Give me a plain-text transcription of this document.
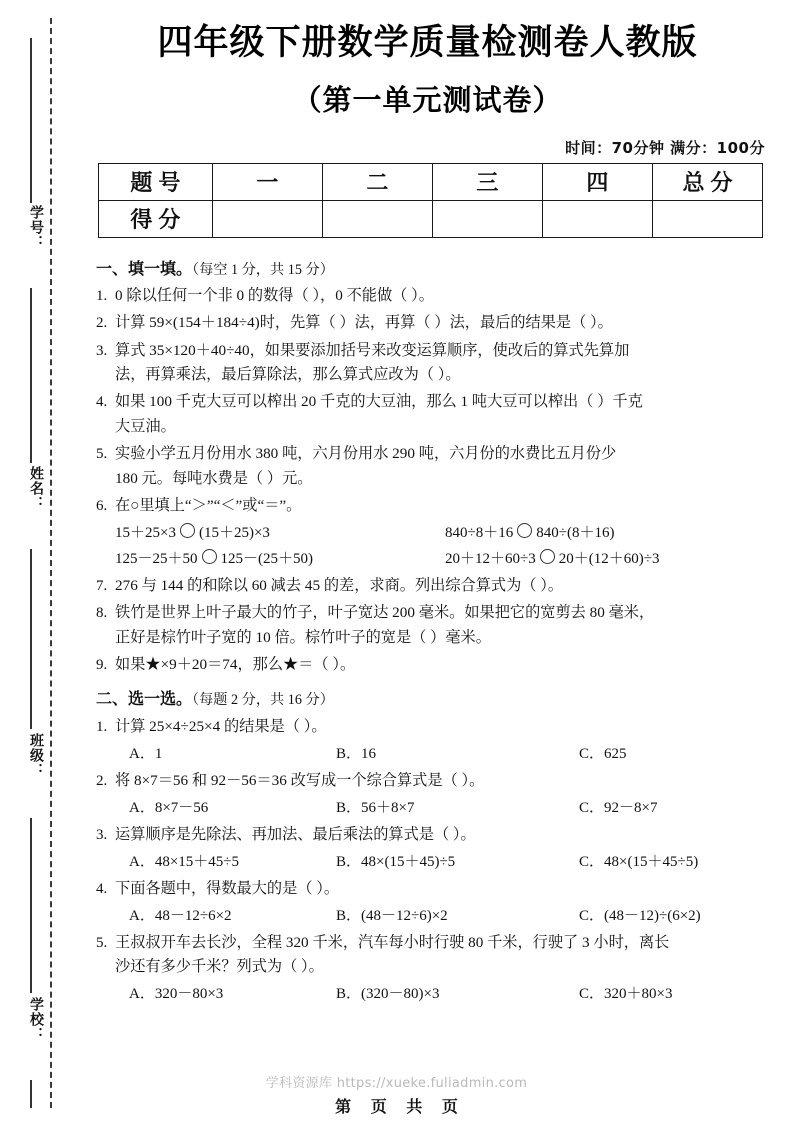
学号：
姓名：
班级：
学校：
四年级下册数学质量检测卷人教版
（第一单元测试卷）
时间：70分钟 满分：100分
题号	一	二	三	四	总分
得分					
一、填一填。（每空 1 分，共 15 分）
1. 0 除以任何一个非 0 的数得（ ），0 不能做（ ）。
2. 计算 59×(154＋184÷4)时，先算（ ）法，再算（ ）法，最后的结果是（ ）。
3. 算式 35×120＋40÷40，如果要添加括号来改变运算顺序，使改后的算式先算加
法，再算乘法，最后算除法，那么算式应改为（ ）。
4. 如果 100 千克大豆可以榨出 20 千克的大豆油，那么 1 吨大豆可以榨出（ ）千克
大豆油。
5. 实验小学五月份用水 380 吨，六月份用水 290 吨，六月份的水费比五月份少
180 元。每吨水费是（ ）元。
6. 在○里填上“＞”“＜”或“＝”。
15＋25×3 (15＋25)×3	840÷8＋16 840÷(8＋16)
125－25＋50 125－(25＋50)	20＋12＋60÷3 20＋(12＋60)÷3
7. 276 与 144 的和除以 60 减去 45 的差，求商。列出综合算式为（ ）。
8. 铁竹是世界上叶子最大的竹子，叶子宽达 200 毫米。如果把它的宽剪去 80 毫米，
正好是棕竹叶子宽的 10 倍。棕竹叶子的宽是（ ）毫米。
9. 如果★×9＋20＝74，那么★＝（ ）。
二、选一选。（每题 2 分，共 16 分）
1. 计算 25×4÷25×4 的结果是（ ）。
A．1	B．16	C．625
2. 将 8×7＝56 和 92－56＝36 改写成一个综合算式是（ ）。
A．8×7－56	B．56＋8×7	C．92－8×7
3. 运算顺序是先除法、再加法、最后乘法的算式是（ ）。
A．48×15＋45÷5	B．48×(15＋45)÷5	C．48×(15＋45÷5)
4. 下面各题中，得数最大的是（ ）。
A．48－12÷6×2	B．(48－12÷6)×2	C．(48－12)÷(6×2)
5. 王叔叔开车去长沙，全程 320 千米，汽车每小时行驶 80 千米，行驶了 3 小时，离长
沙还有多少千米？列式为（ ）。
A．320－80×3	B．(320－80)×3	C．320＋80×3
学科资源库 https://xueke.fuliadmin.com
第 页 共 页
